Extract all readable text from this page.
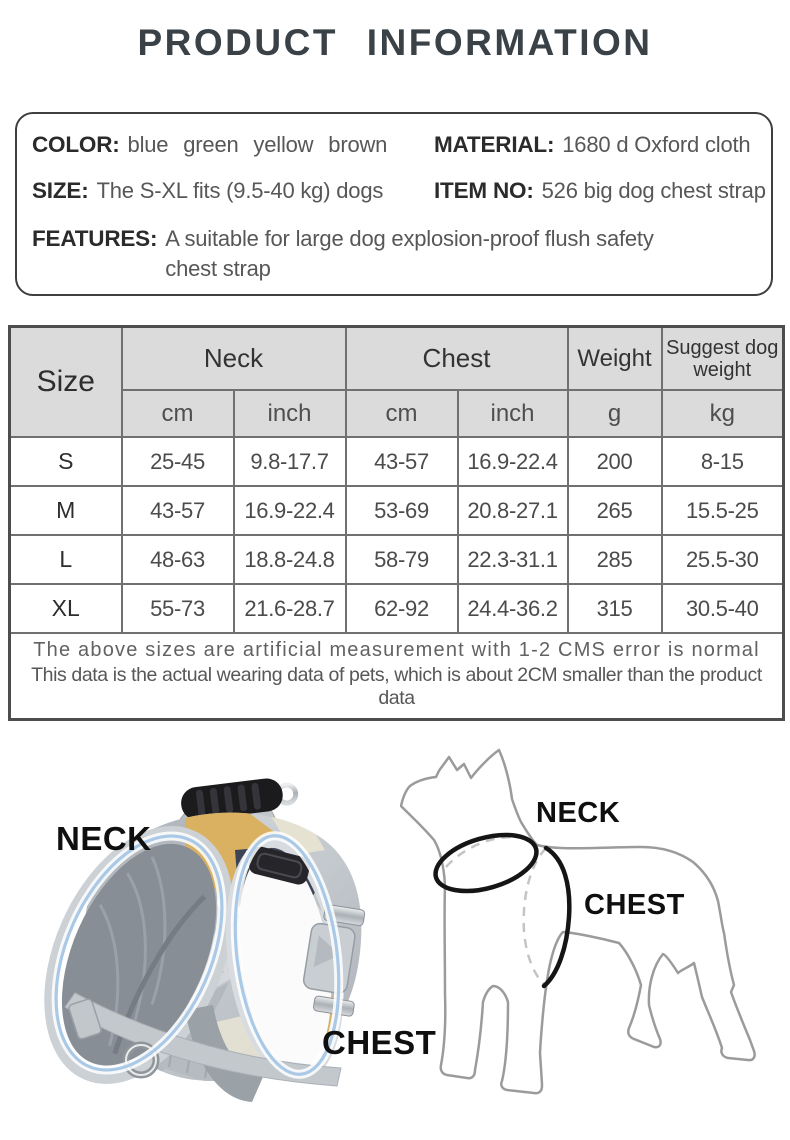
PRODUCT INFORMATION
COLOR: blue green yellow brown MATERIAL: 1680 d Oxford cloth
SIZE: The S-XL fits (9.5-40 kg) dogs ITEM NO: 526 big dog chest strap
FEATURES: A suitable for large dog explosion-proof flush safety chest strap
Size	Neck		Chest		Weight	Suggest dog weight
	cm	inch	cm	inch	g	kg
S	25-45	9.8-17.7	43-57	16.9-22.4	200	8-15
M	43-57	16.9-22.4	53-69	20.8-27.1	265	15.5-25
L	48-63	18.8-24.8	58-79	22.3-31.1	285	25.5-30
XL	55-73	21.6-28.7	62-92	24.4-36.2	315	30.5-40

The above sizes are artificial measurement with 1-2 CMS error is normal
This data is the actual wearing data of pets, which is about 2CM smaller than the product data						
NECK
CHEST
NECK
CHEST
